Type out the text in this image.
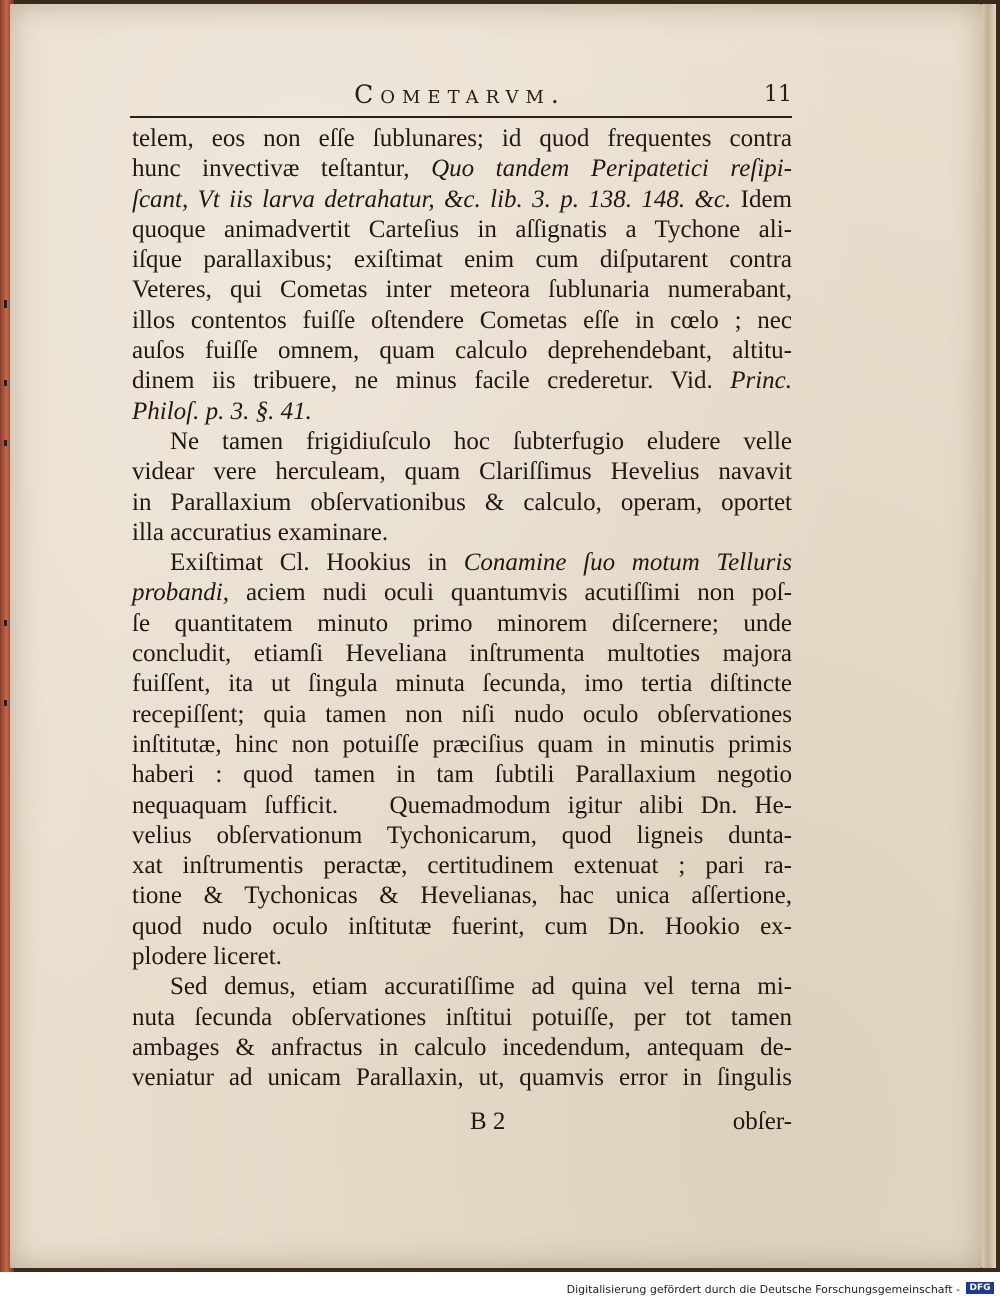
Cometarvm.	11
telem, eos non eſſe ſublunares; id quod frequentes contra
hunc invectivæ teſtantur, Quo tandem Peripatetici reſipi-
ſcant, Vt iis larva detrahatur, &c. lib. 3. p. 138. 148. &c. Idem
quoque animadvertit Carteſius in aſſignatis a Tychone ali-
iſque parallaxibus; exiſtimat enim cum diſputarent contra
Veteres, qui Cometas inter meteora ſublunaria numerabant,
illos contentos fuiſſe oſtendere Cometas eſſe in cœlo ; nec
auſos fuiſſe omnem, quam calculo deprehendebant, altitu-
dinem iis tribuere, ne minus facile crederetur. Vid. Princ.
Philoſ. p. 3. §. 41.
Ne tamen frigidiuſculo hoc ſubterfugio eludere velle
videar vere herculeam, quam Clariſſimus Hevelius navavit
in Parallaxium obſervationibus & calculo, operam, oportet
illa accuratius examinare.
Exiſtimat Cl. Hookius in Conamine ſuo motum Telluris
probandi, aciem nudi oculi quantumvis acutiſſimi non poſ-
ſe quantitatem minuto primo minorem diſcernere; unde
concludit, etiamſi Heveliana inſtrumenta multoties majora
fuiſſent, ita ut ſingula minuta ſecunda, imo tertia diſtincte
recepiſſent; quia tamen non niſi nudo oculo obſervationes
inſtitutæ, hinc non potuiſſe præciſius quam in minutis primis
haberi : quod tamen in tam ſubtili Parallaxium negotio
nequaquam ſufficit.   Quemadmodum igitur alibi Dn. He-
velius obſervationum Tychonicarum, quod ligneis dunta-
xat inſtrumentis peractæ, certitudinem extenuat ; pari ra-
tione & Tychonicas & Hevelianas, hac unica aſſertione,
quod nudo oculo inſtitutæ fuerint, cum Dn. Hookio ex-
plodere liceret.
Sed demus, etiam accuratiſſime ad quina vel terna mi-
nuta ſecunda obſervationes inſtitui potuiſſe, per tot tamen
ambages & anfractus in calculo incedendum, antequam de-
veniatur ad unicam Parallaxin, ut, quamvis error in ſingulis
B 2	obſer-
Digitalisierung gefördert durch die Deutsche Forschungsgemeinschaft -	DFG
